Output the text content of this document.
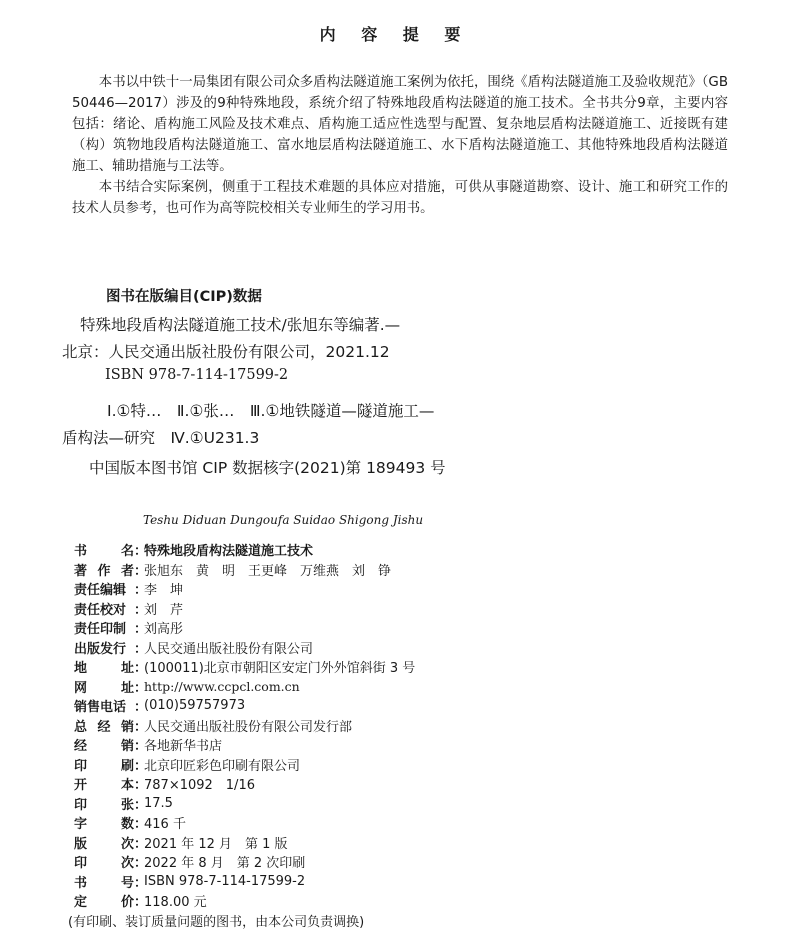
内 容 提 要

本书以中铁十一局集团有限公司众多盾构法隧道施工案例为依托，围绕《盾构法隧道施工及验收规范》（GB 50446—2017）涉及的9种特殊地段，系统介绍了特殊地段盾构法隧道的施工技术。全书共分9章，主要内容包括：绪论、盾构施工风险及技术难点、盾构施工适应性选型与配置、复杂地层盾构法隧道施工、近接既有建（构）筑物地段盾构法隧道施工、富水地层盾构法隧道施工、水下盾构法隧道施工、其他特殊地段盾构法隧道施工、辅助措施与工法等。

本书结合实际案例，侧重于工程技术难题的具体应对措施，可供从事隧道勘察、设计、施工和研究工作的技术人员参考，也可作为高等院校相关专业师生的学习用书。

图书在版编目(CIP)数据
特殊地段盾构法隧道施工技术/张旭东等编著.—
北京：人民交通出版社股份有限公司，2021.12
ISBN 978-7-114-17599-2
Ⅰ.①特…　Ⅱ.①张…　Ⅲ.①地铁隧道—隧道施工—
盾构法—研究　Ⅳ.①U231.3
中国版本图书馆 CIP 数据核字(2021)第 189493 号
Teshu Diduan Dungoufa Suidao Shigong Jishu
书	名 ：
特殊地段盾构法隧道施工技术
著 作 者 ：
张旭东　黄　明　王更峰　万维燕　刘　铮
责任编辑 ：
李　坤
责任校对 ：
刘　芹
责任印制 ：
刘高彤
出版发行 ：
人民交通出版社股份有限公司
地	址 ：
(100011)北京市朝阳区安定门外外馆斜街 3 号
网	址 ：
http://www.ccpcl.com.cn
销售电话 ：
(010)59757973
总 经 销 ：
人民交通出版社股份有限公司发行部
经	销 ：
各地新华书店
印	刷 ：
北京印匠彩色印刷有限公司
开	本 ：
787×1092　1/16
印	张 ：
17.5
字	数 ：
416 千
版	次 ：
2021 年 12 月　第 1 版
印	次 ：
2022 年 8 月　第 2 次印刷
书	号 ：
ISBN 978-7-114-17599-2
定	价 ：
118.00 元
(有印刷、装订质量问题的图书，由本公司负责调换)
